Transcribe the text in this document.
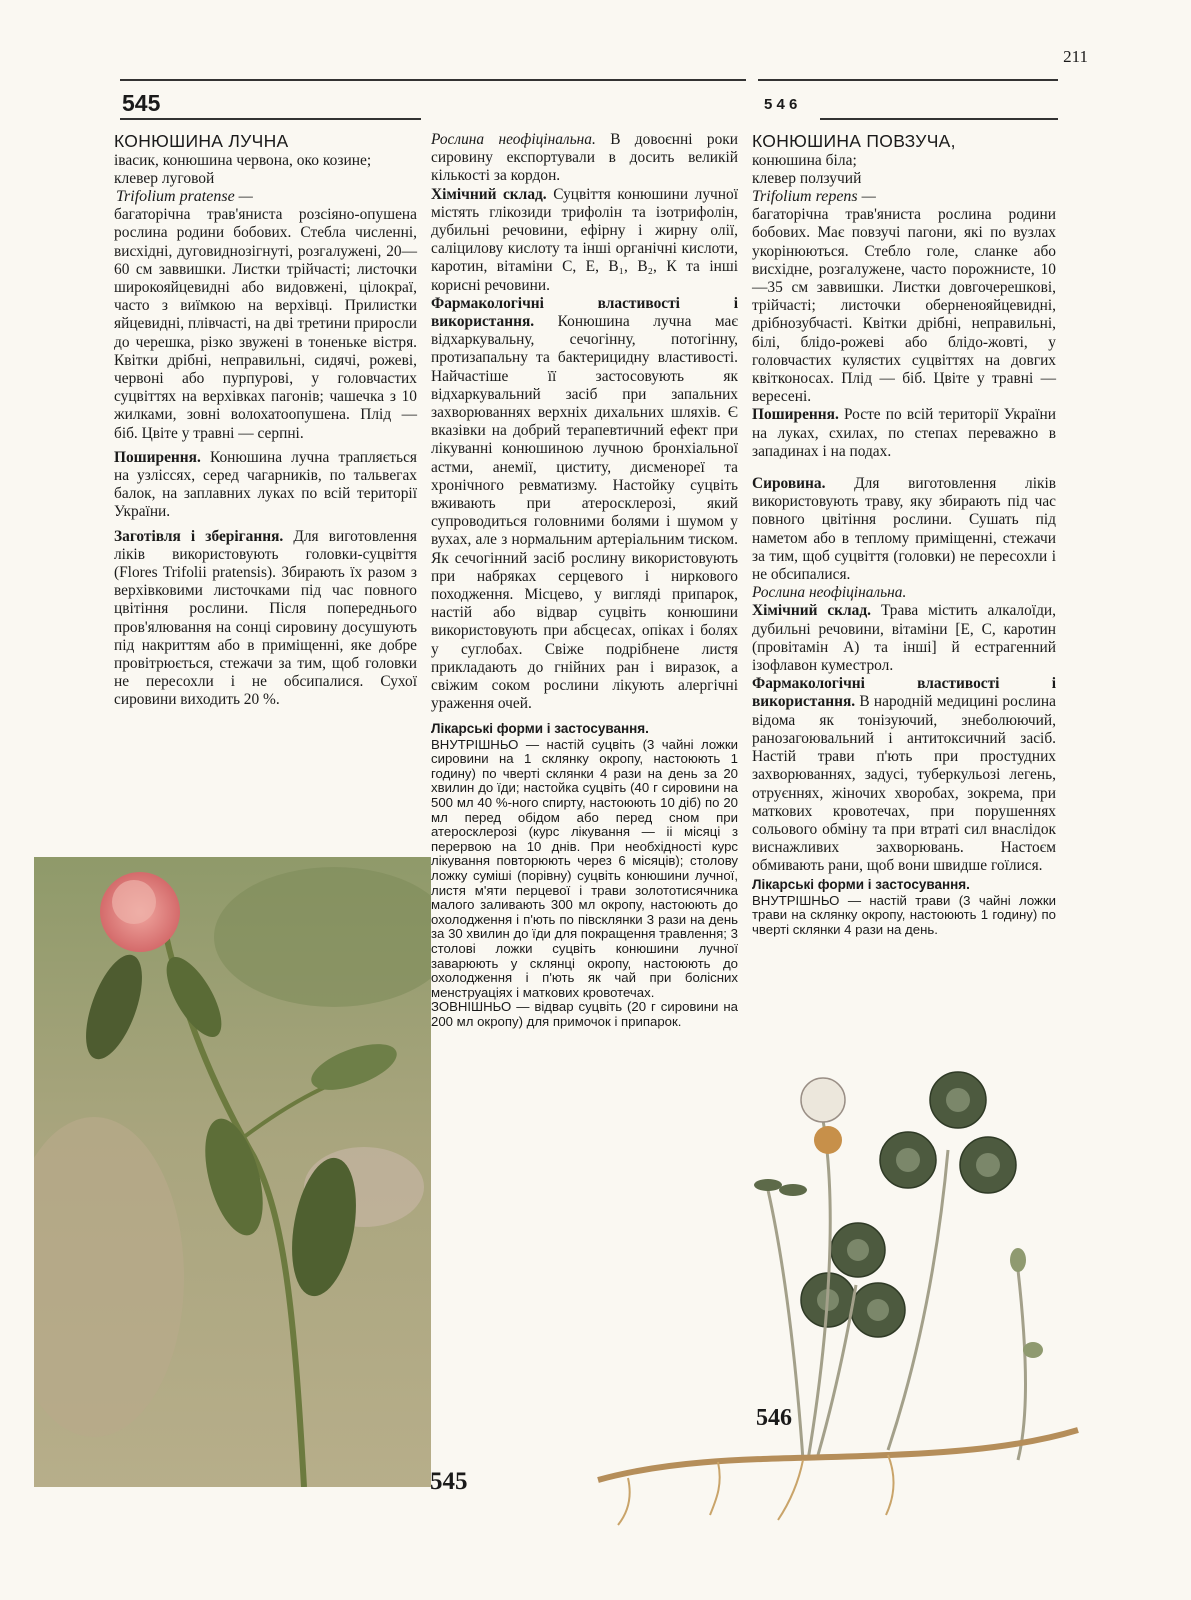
211
545	5 4 6

КОНЮШИНА ЛУЧНА

івасик, конюшина червона, око козине;

клевер луговой

Trifolium pratense —

багаторічна трав'яниста розсіяно-опушена рослина родини бобових. Стебла численні, висхідні, дуговиднозігнуті, розгалужені, 20—60 см заввишки. Листки трійчасті; листочки широкояйцевидні або видовжені, цілокраї, часто з виїмкою на верхівці. Прилистки яйцевидні, плівчасті, на дві третини приросли до черешка, різко звужені в тоненьке вістря. Квітки дрібні, неправильні, сидячі, рожеві, червоні або пурпурові, у головчастих суцвіттях на верхівках пагонів; чашечка з 10 жилками, зовні волохатоопушена. Плід — біб. Цвіте у травні — серпні.

Поширення. Конюшина лучна трапляється на узліссях, серед чагарників, по тальвегах балок, на заплавних луках по всій території України.

Заготівля і зберігання. Для виготовлення ліків використовують головки-суцвіття (Flores Trifolii pratensis). Збирають їх разом з верхівковими листочками під час повного цвітіння рослини. Після попереднього пров'ялювання на сонці сировину досушують під накриттям або в приміщенні, яке добре провітрюється, стежачи за тим, щоб головки не пересохли і не обсипалися. Сухої сировини виходить 20 %.

545

Рослина неофіцінальна. В довоєнні роки сировину експортували в досить великій кількості за кордон.

Хімічний склад. Суцвіття конюшини лучної містять глікозиди трифолін та ізотрифолін, дубильні речовини, ефірну і жирну олії, саліцилову кислоту та інші органічні кислоти, каротин, вітаміни С, Е, В₁, В₂, К та інші корисні речовини.

Фармакологічні властивості і використання. Конюшина лучна має відхаркувальну, сечогінну, потогінну, протизапальну та бактерицидну властивості. Найчастіше її застосовують як відхаркувальний засіб при запальних захворюваннях верхніх дихальних шляхів. Є вказівки на добрий терапевтичний ефект при лікуванні конюшиною лучною бронхіальної астми, анемії, циститу, дисменореї та хронічного ревматизму. Настойку суцвіть вживають при атеросклерозі, який супроводиться головними болями і шумом у вухах, але з нормальним артеріальним тиском. Як сечогінний засіб рослину використовують при набряках серцевого і ниркового походження. Місцево, у вигляді припарок, настій або відвар суцвіть конюшини використовують при абсцесах, опіках і болях у суглобах. Свіже подрібнене листя прикладають до гнійних ран і виразок, а свіжим соком рослини лікують алергічні ураження очей.

Лікарські форми і застосування.

ВНУТРІШНЬО — настій суцвіть (3 чайні ложки сировини на 1 склянку окропу, настоюють 1 годину) по чверті склянки 4 рази на день за 20 хвилин до їди; настойка суцвіть (40 г сировини на 500 мл 40 %-ного спирту, настоюють 10 діб) по 20 мл перед обідом або перед сном при атеросклерозі (курс лікування — ii місяці з перервою на 10 днів. При необхідності курс лікування повторюють через 6 місяців); столову ложку суміші (порівну) суцвіть конюшини лучної, листя м'яти перцевої і трави золототисячника малого заливають 300 мл окропу, настоюють до охолодження і п'ють по півсклянки 3 рази на день за 30 хвилин до їди для покращення травлення; 3 столові ложки суцвіть конюшини лучної заварюють у склянці окропу, настоюють до охолодження і п'ють як чай при болісних менструаціях і маткових кровотечах.

ЗОВНІШНЬО — відвар суцвіть (20 г сировини на 200 мл окропу) для примочок і припарок.

КОНЮШИНА ПОВЗУЧА,

конюшина біла;

клевер ползучий

Trifolium repens —

багаторічна трав'яниста рослина родини бобових. Має повзучі пагони, які по вузлах укорінюються. Стебло голе, сланке або висхідне, розгалужене, часто порожнисте, 10—35 см заввишки. Листки довгочерешкові, трійчасті; листочки оберненояйцевидні, дрібнозубчасті. Квітки дрібні, неправильні, білі, блідо-рожеві або блідо-жовті, у головчастих кулястих суцвіттях на довгих квітконосах. Плід — біб. Цвіте у травні — вересені.

Поширення. Росте по всій території України на луках, схилах, по степах переважно в западинах і на подах.

Сировина. Для виготовлення ліків використовують траву, яку збирають під час повного цвітіння рослини. Сушать під наметом або в теплому приміщенні, стежачи за тим, щоб суцвіття (головки) не пересохли і не обсипалися.

Рослина неофіцінальна.

Хімічний склад. Трава містить алкалоїди, дубильні речовини, вітаміни [Е, С, каротин (провітамін А) та інші] й естрагенний ізофлавон куместрол.

Фармакологічні властивості і використання. В народній медицині рослина відома як тонізуючий, знеболюючий, ранозагоювальний і антитоксичний засіб. Настій трави п'ють при простудних захворюваннях, задусі, туберкульозі легень, отруєннях, жіночих хворобах, зокрема, при маткових кровотечах, при порушеннях сольового обміну та при втраті сил внаслідок виснажливих захворювань. Настоєм обмивають рани, щоб вони швидше гоїлися.

Лікарські форми і застосування.

ВНУТРІШНЬО — настій трави (3 чайні ложки трави на склянку окропу, настоюють 1 годину) по чверті склянки 4 рази на день.

546
